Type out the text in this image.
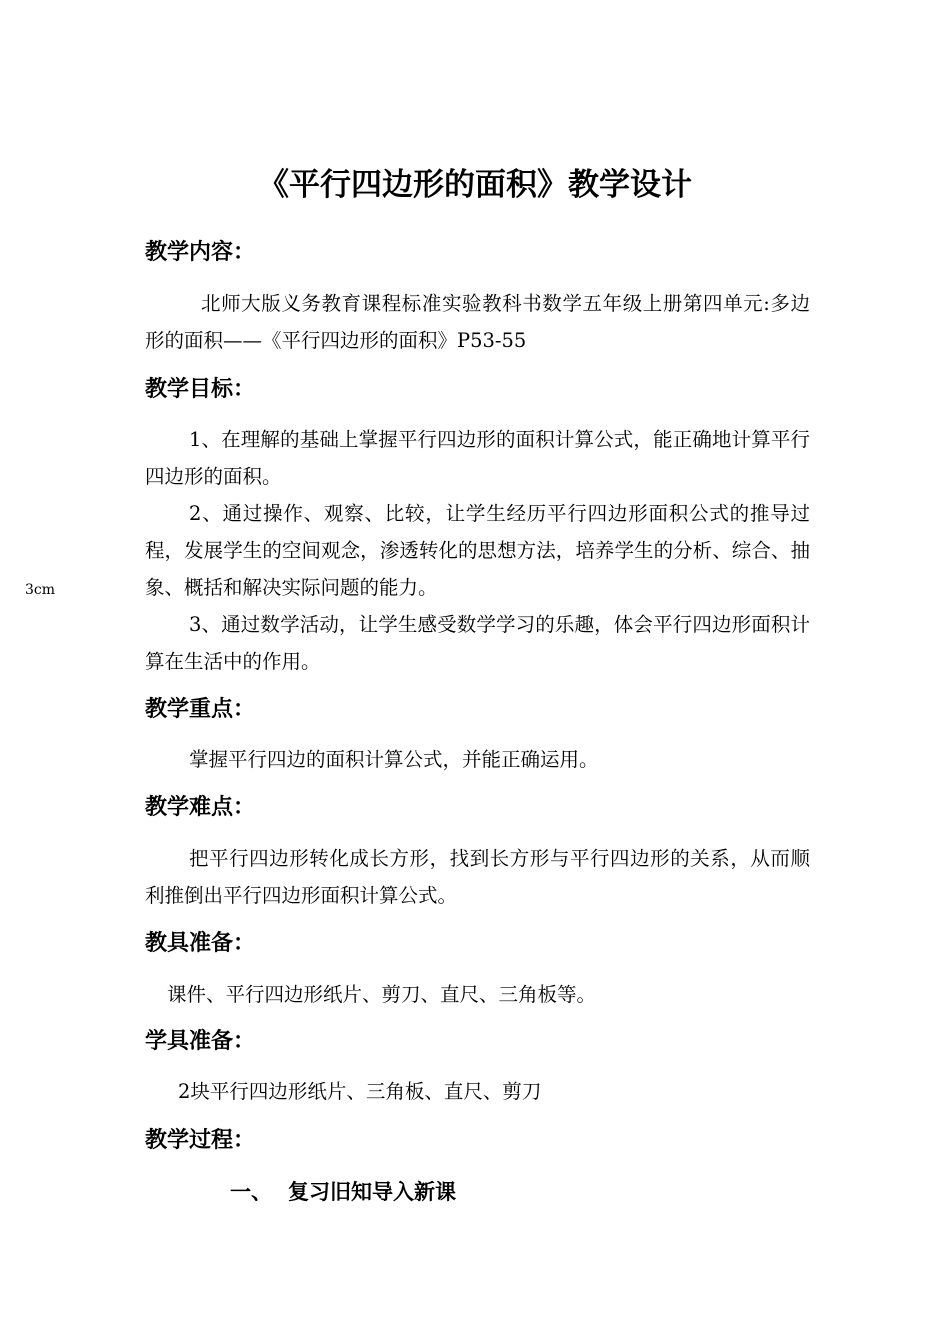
《平行四边形的面积》教学设计
3cm
教学内容：

北师大版义务教育课程标准实验教科书数学五年级上册第四单元:多边形的面积——《平行四边形的面积》P53-55

教学目标：

1、在理解的基础上掌握平行四边形的面积计算公式，能正确地计算平行四边形的面积。

2、通过操作、观察、比较，让学生经历平行四边形面积公式的推导过程，发展学生的空间观念，渗透转化的思想方法，培养学生的分析、综合、抽象、概括和解决实际问题的能力。

3、通过数学活动，让学生感受数学学习的乐趣，体会平行四边形面积计算在生活中的作用。

教学重点：

掌握平行四边的面积计算公式，并能正确运用。

教学难点：

把平行四边形转化成长方形，找到长方形与平行四边形的关系，从而顺利推倒出平行四边形面积计算公式。

教具准备：

课件、平行四边形纸片、剪刀、直尺、三角板等。

学具准备：

2块平行四边形纸片、三角板、直尺、剪刀

教学过程：
一、 复习旧知导入新课
